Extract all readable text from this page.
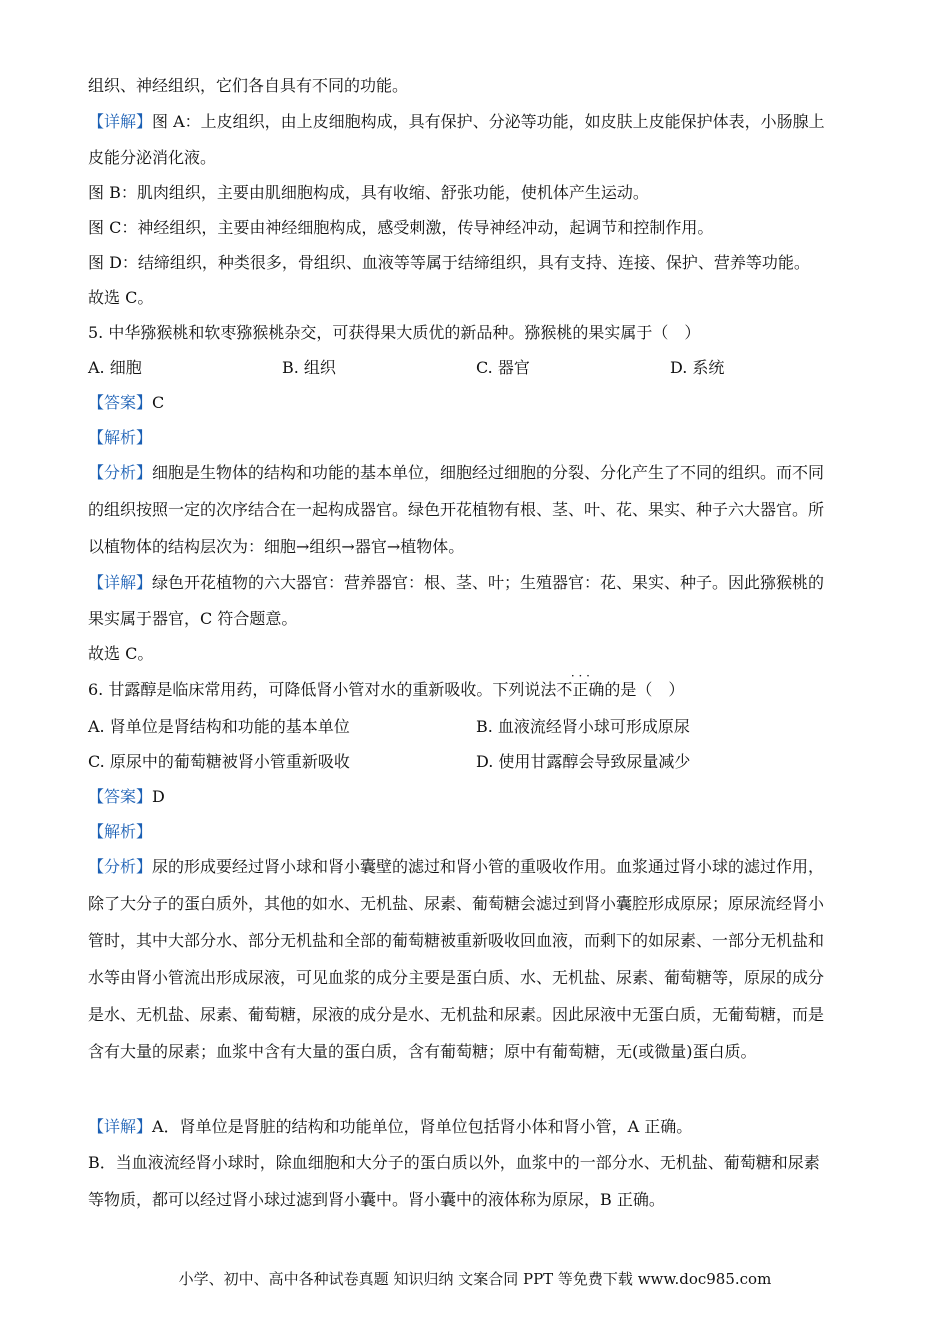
组织、神经组织，它们各自具有不同的功能。
【详解】图 A：上皮组织，由上皮细胞构成，具有保护、分泌等功能，如皮肤上皮能保护体表，小肠腺上
皮能分泌消化液。
图 B：肌肉组织，主要由肌细胞构成，具有收缩、舒张功能，使机体产生运动。
图 C：神经组织，主要由神经细胞构成，感受刺激，传导神经冲动，起调节和控制作用。
图 D：结缔组织，种类很多，骨组织、血液等等属于结缔组织，具有支持、连接、保护、营养等功能。
故选 C。
5. 中华猕猴桃和软枣猕猴桃杂交，可获得果大质优的新品种。猕猴桃的果实属于（　）
A. 细胞	B. 组织	C. 器官	D. 系统
【答案】C
【解析】
【分析】细胞是生物体的结构和功能的基本单位，细胞经过细胞的分裂、分化产生了不同的组织。而不同
的组织按照一定的次序结合在一起构成器官。绿色开花植物有根、茎、叶、花、果实、种子六大器官。所
以植物体的结构层次为：细胞→组织→器官→植物体。
【详解】绿色开花植物的六大器官：营养器官：根、茎、叶；生殖器官：花、果实、种子。因此猕猴桃的
果实属于器官，C 符合题意。
故选 C。
6. 甘露醇是临床常用药，可降低肾小管对水的重新吸收。下列说法
· · ·
不正确的是（　）
A. 肾单位是肾结构和功能的基本单位	B. 血液流经肾小球可形成原尿
C. 原尿中的葡萄糖被肾小管重新吸收	D. 使用甘露醇会导致尿量减少
【答案】D
【解析】
【分析】尿的形成要经过肾小球和肾小囊壁的滤过和肾小管的重吸收作用。血浆通过肾小球的滤过作用，
除了大分子的蛋白质外，其他的如水、无机盐、尿素、葡萄糖会滤过到肾小囊腔形成原尿；原尿流经肾小
管时，其中大部分水、部分无机盐和全部的葡萄糖被重新吸收回血液，而剩下的如尿素、一部分无机盐和
水等由肾小管流出形成尿液，可见血浆的成分主要是蛋白质、水、无机盐、尿素、葡萄糖等，原尿的成分
是水、无机盐、尿素、葡萄糖，尿液的成分是水、无机盐和尿素。因此尿液中无蛋白质，无葡萄糖，而是
含有大量的尿素；血浆中含有大量的蛋白质，含有葡萄糖；原中有葡萄糖，无(或微量)蛋白质。
【详解】A．肾单位是肾脏的结构和功能单位，肾单位包括肾小体和肾小管，A 正确。
B．当血液流经肾小球时，除血细胞和大分子的蛋白质以外，血浆中的一部分水、无机盐、葡萄糖和尿素
等物质，都可以经过肾小球过滤到肾小囊中。肾小囊中的液体称为原尿，B 正确。
小学、初中、高中各种试卷真题 知识归纳 文案合同 PPT 等免费下载 www.doc985.com
